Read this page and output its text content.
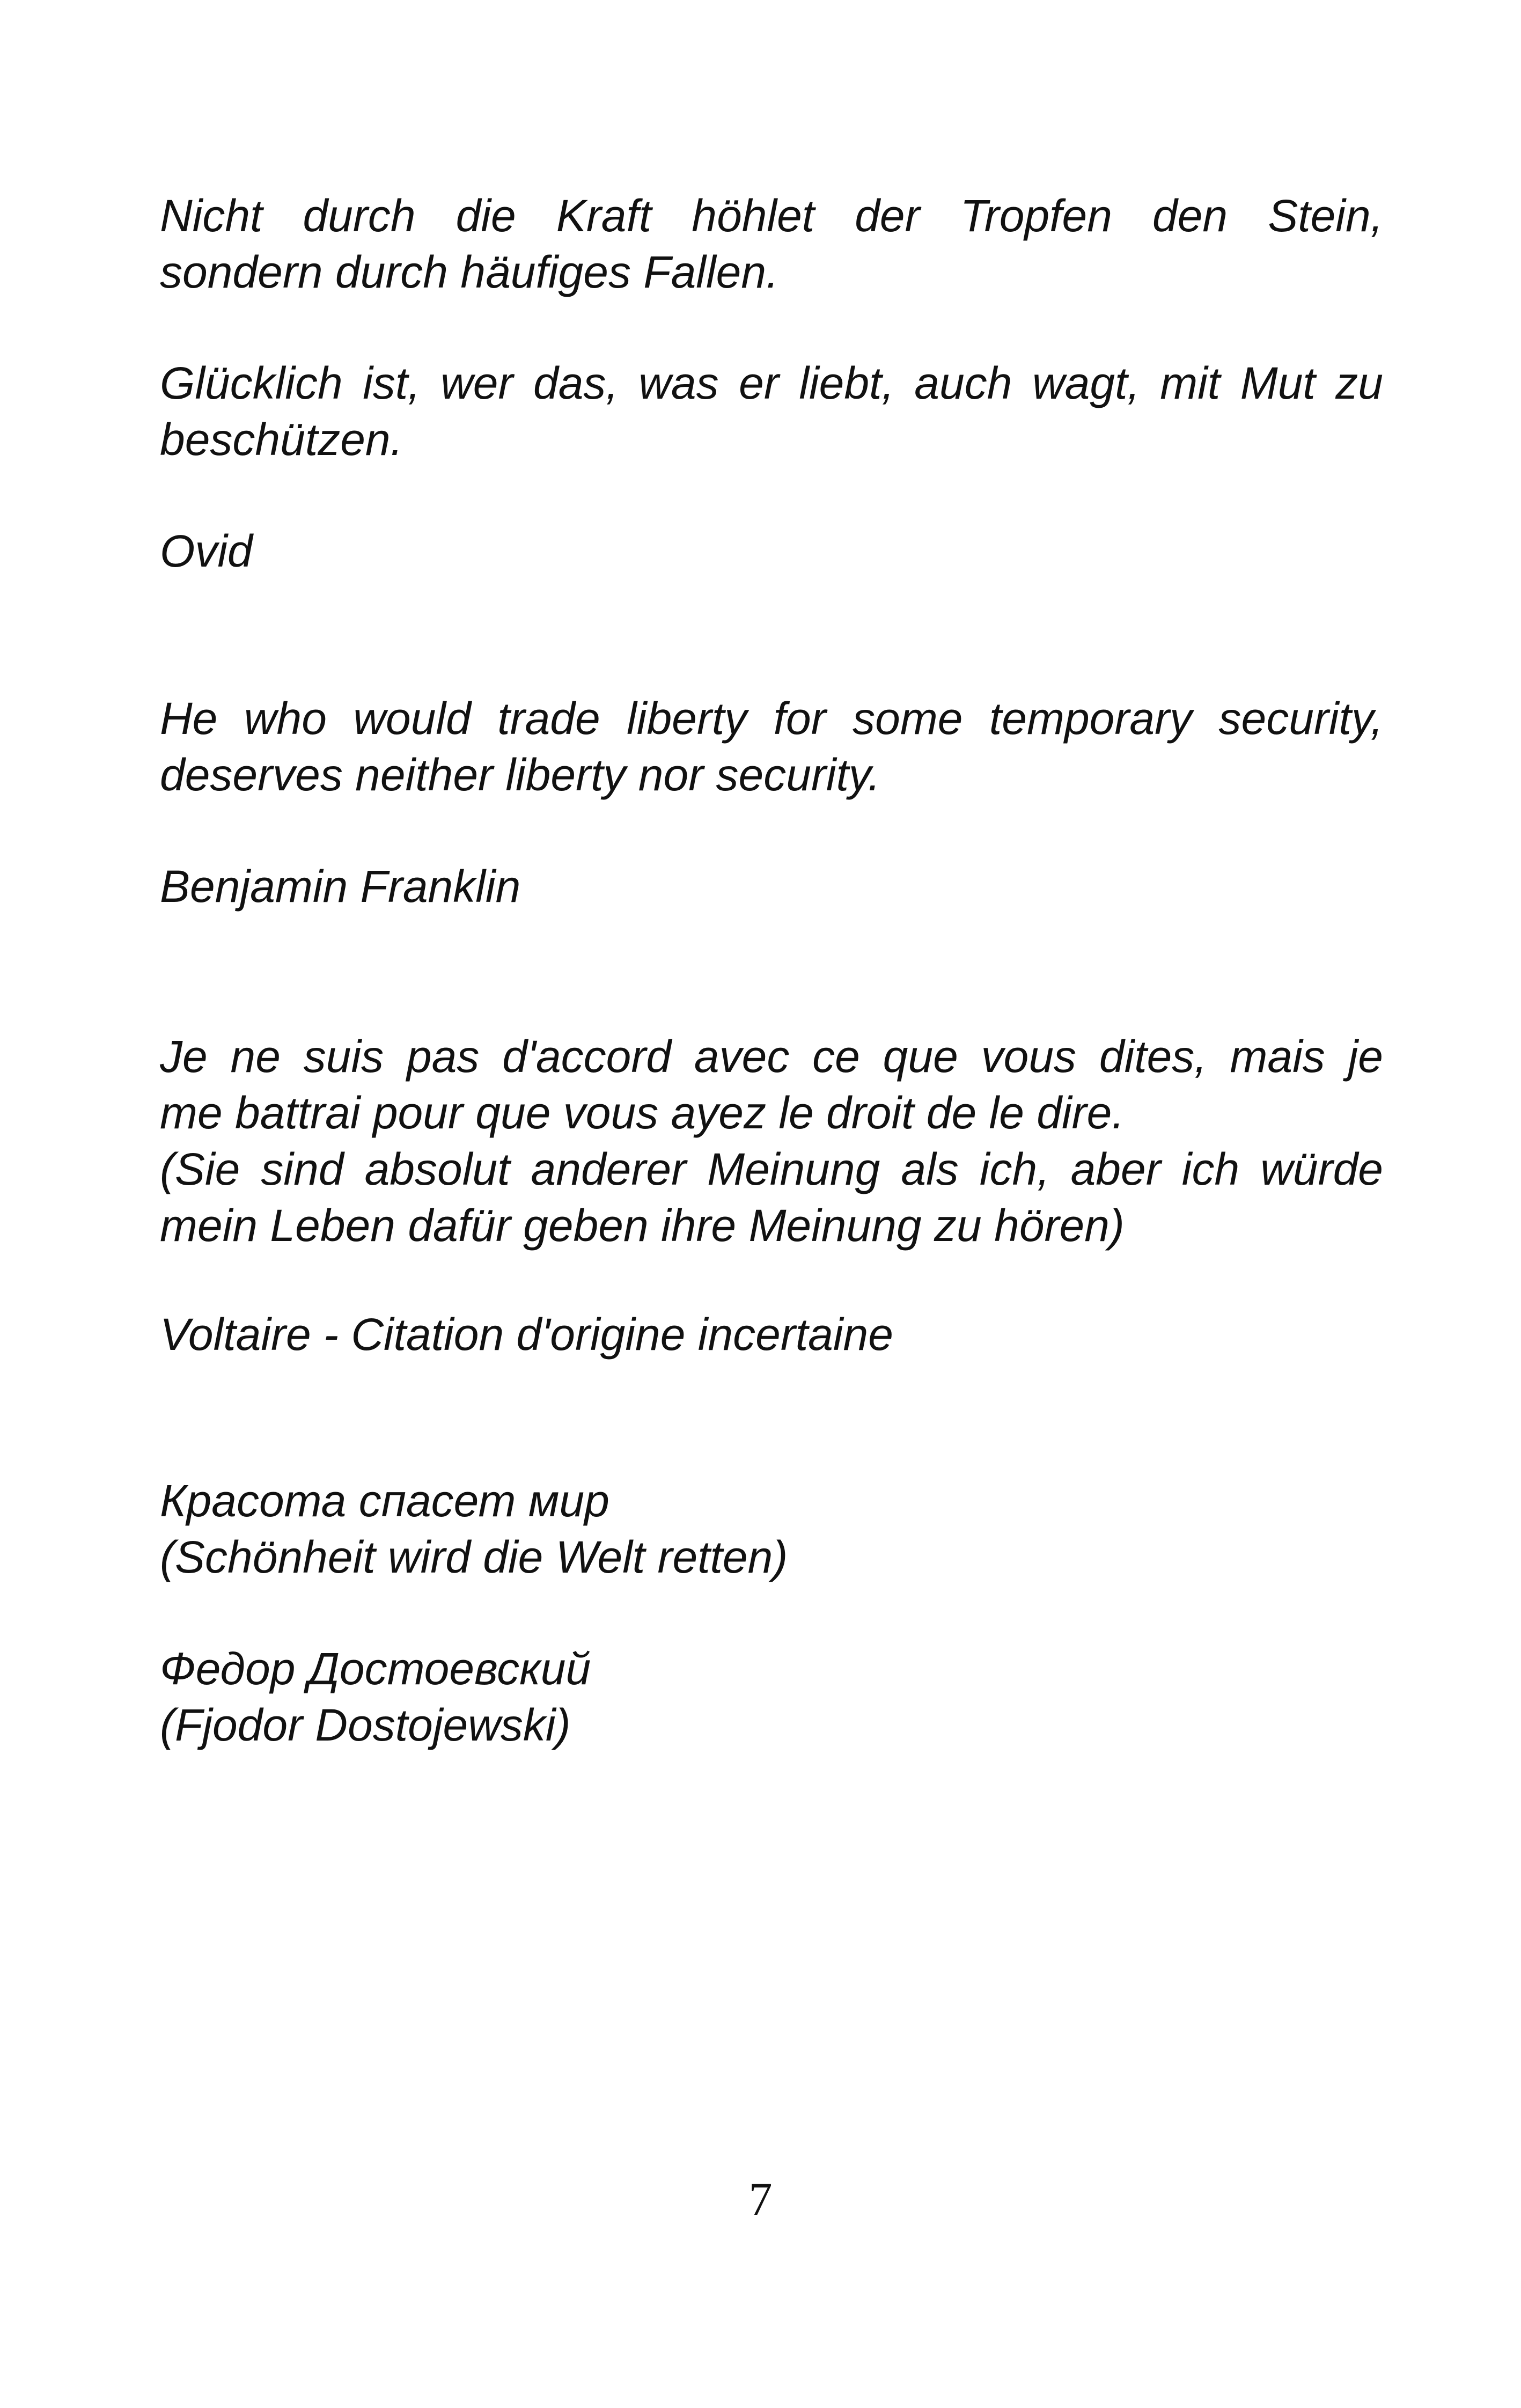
Nicht durch die Kraft höhlet der Tropfen den Stein,
sondern durch häufiges Fallen.

Glücklich ist, wer das, was er liebt, auch wagt, mit Mut zu
beschützen.

Ovid

He who would trade liberty for some temporary security,
deserves neither liberty nor security.

Benjamin Franklin

Je ne suis pas d'accord avec ce que vous dites, mais je
me battrai pour que vous ayez le droit de le dire.
(Sie sind absolut anderer Meinung als ich, aber ich würde
mein Leben dafür geben ihre Meinung zu hören)

Voltaire - Citation d'origine incertaine

Красота спасет мир
(Schönheit wird die Welt retten)

Федор Достоевский
(Fjodor Dostojewski)

7
